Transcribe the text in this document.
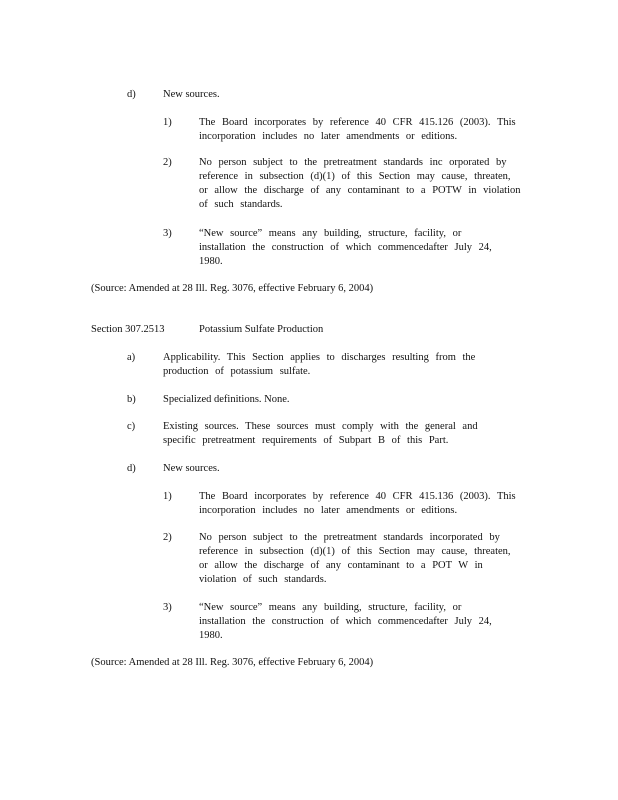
d)	New sources.
1)	The Board incorporates by reference 40 CFR 415.126 (2003). This incorporation includes no later amendments or editions.
2)	No person subject to the pretreatment standards inc orporated by reference in subsection (d)(1) of this Section may cause, threaten, or allow the discharge of any contaminant to a POTW in violation of such standards.
3)	“New source” means any building, structure, facility, or installation the construction of which commencedafter July 24, 1980.
(Source: Amended at 28 Ill. Reg. 3076, effective February 6, 2004)
Section 307.2513	Potassium Sulfate Production
a)	Applicability. This Section applies to discharges resulting from the production of potassium sulfate.
b)	Specialized definitions. None.
c)	Existing sources. These sources must comply with the general and specific pretreatment requirements of Subpart B of this Part.
d)	New sources.
1)	The Board incorporates by reference 40 CFR 415.136 (2003). This incorporation includes no later amendments or editions.
2)	No person subject to the pretreatment standards incorporated by reference in subsection (d)(1) of this Section may cause, threaten, or allow the discharge of any contaminant to a POT W in violation of such standards.
3)	“New source” means any building, structure, facility, or installation the construction of which commencedafter July 24, 1980.
(Source: Amended at 28 Ill. Reg. 3076, effective February 6, 2004)
